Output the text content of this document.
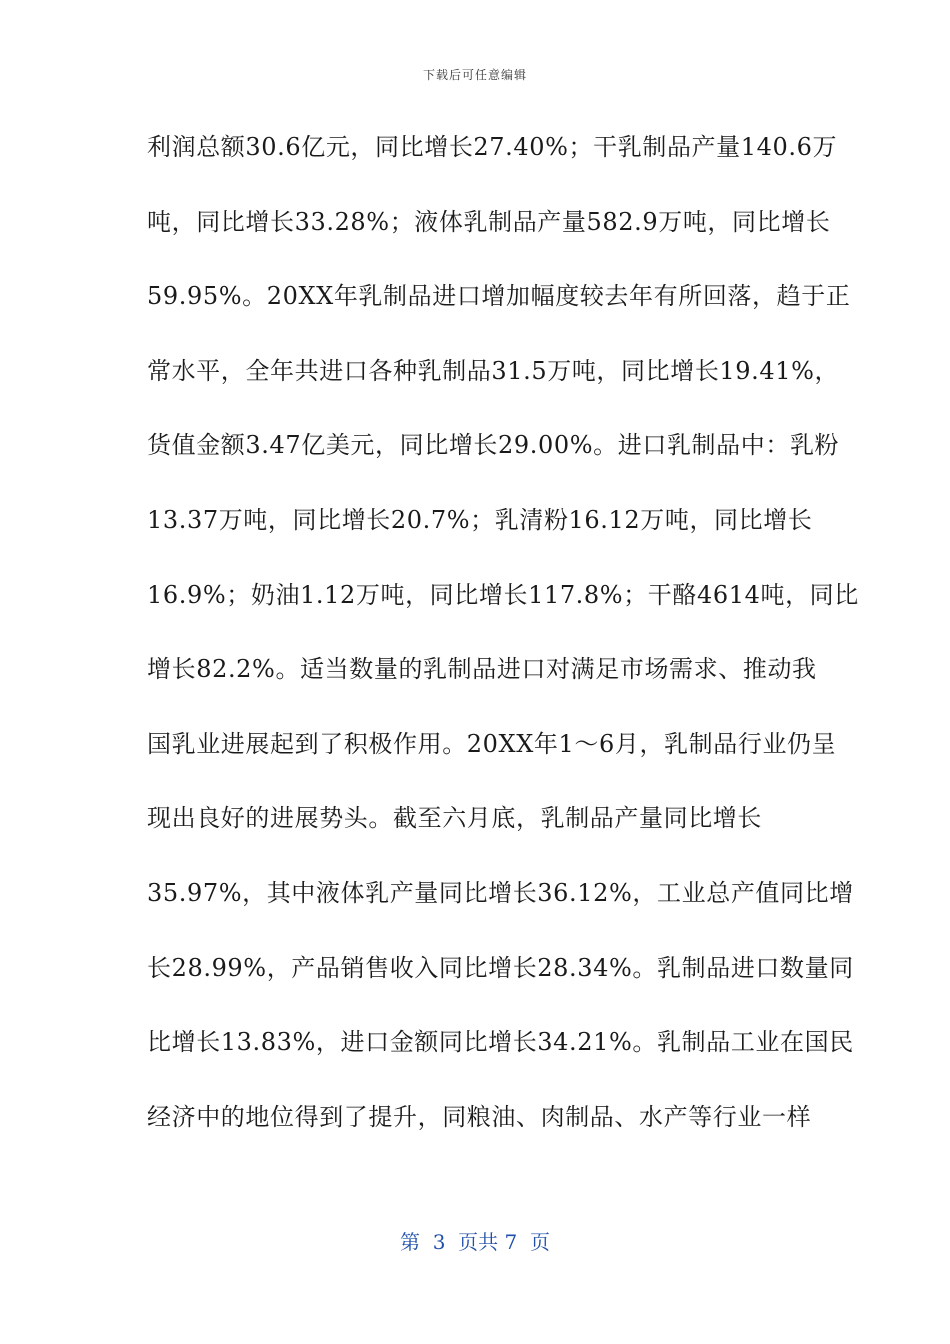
下载后可任意编辑
利润总额30.6亿元，同比增长27.40%；干乳制品产量140.6万
吨，同比增长33.28%；液体乳制品产量582.9万吨，同比增长
59.95%。20XX年乳制品进口增加幅度较去年有所回落，趋于正
常水平，全年共进口各种乳制品31.5万吨，同比增长19.41%，
货值金额3.47亿美元，同比增长29.00%。进口乳制品中：乳粉
13.37万吨，同比增长20.7%；乳清粉16.12万吨，同比增长
16.9%；奶油1.12万吨，同比增长117.8%；干酪4614吨，同比
增长82.2%。适当数量的乳制品进口对满足市场需求、推动我
国乳业进展起到了积极作用。20XX年1～6月，乳制品行业仍呈
现出良好的进展势头。截至六月底，乳制品产量同比增长
35.97%，其中液体乳产量同比增长36.12%，工业总产值同比增
长28.99%，产品销售收入同比增长28.34%。乳制品进口数量同
比增长13.83%，进口金额同比增长34.21%。乳制品工业在国民
经济中的地位得到了提升，同粮油、肉制品、水产等行业一样
第  3  页共 7  页
